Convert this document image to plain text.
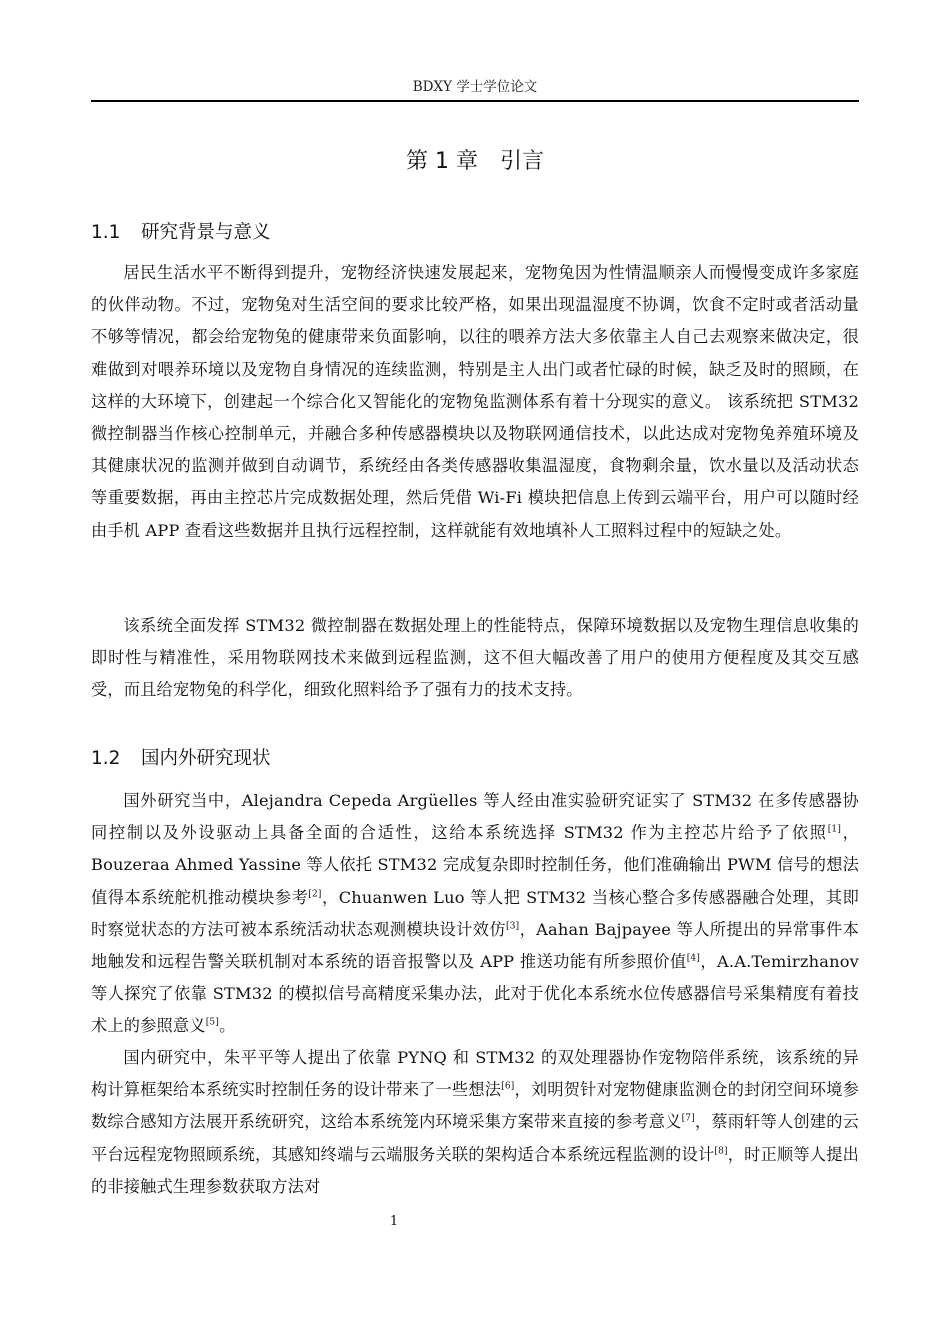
BDXY 学士学位论文
第 1 章 引言
1.1 研究背景与意义

居民生活水平不断得到提升，宠物经济快速发展起来，宠物兔因为性情温顺亲人而慢慢变成许多家庭的伙伴动物。不过，宠物兔对生活空间的要求比较严格，如果出现温湿度不协调，饮食不定时或者活动量不够等情况，都会给宠物兔的健康带来负面影响，以往的喂养方法大多依靠主人自己去观察来做决定，很难做到对喂养环境以及宠物自身情况的连续监测，特别是主人出门或者忙碌的时候，缺乏及时的照顾，在这样的大环境下，创建起一个综合化又智能化的宠物兔监测体系有着十分现实的意义。 该系统把 STM32 微控制器当作核心控制单元，并融合多种传感器模块以及物联网通信技术，以此达成对宠物兔养殖环境及其健康状况的监测并做到自动调节，系统经由各类传感器收集温湿度，食物剩余量，饮水量以及活动状态等重要数据，再由主控芯片完成数据处理，然后凭借 Wi-Fi 模块把信息上传到云端平台，用户可以随时经由手机 APP 查看这些数据并且执行远程控制，这样就能有效地填补人工照料过程中的短缺之处。

该系统全面发挥 STM32 微控制器在数据处理上的性能特点，保障环境数据以及宠物生理信息收集的即时性与精准性，采用物联网技术来做到远程监测，这不但大幅改善了用户的使用方便程度及其交互感受，而且给宠物兔的科学化，细致化照料给予了强有力的技术支持。

1.2 国内外研究现状

国外研究当中，Alejandra Cepeda Argüelles 等人经由准实验研究证实了 STM32 在多传感器协同控制以及外设驱动上具备全面的合适性，这给本系统选择 STM32 作为主控芯片给予了依照[1]，Bouzeraa Ahmed Yassine 等人依托 STM32 完成复杂即时控制任务，他们准确输出 PWM 信号的想法值得本系统舵机推动模块参考[2]，Chuanwen Luo 等人把 STM32 当核心整合多传感器融合处理，其即时察觉状态的方法可被本系统活动状态观测模块设计效仿[3]，Aahan Bajpayee 等人所提出的异常事件本地触发和远程告警关联机制对本系统的语音报警以及 APP 推送功能有所参照价值[4]，A.A.Temirzhanov 等人探究了依靠 STM32 的模拟信号高精度采集办法，此对于优化本系统水位传感器信号采集精度有着技术上的参照意义[5]。

国内研究中，朱平平等人提出了依靠 PYNQ 和 STM32 的双处理器协作宠物陪伴系统，该系统的异构计算框架给本系统实时控制任务的设计带来了一些想法[6]，刘明贺针对宠物健康监测仓的封闭空间环境参数综合感知方法展开系统研究，这给本系统笼内环境采集方案带来直接的参考意义[7]，蔡雨轩等人创建的云平台远程宠物照顾系统，其感知终端与云端服务关联的架构适合本系统远程监测的设计[8]，时正顺等人提出的非接触式生理参数获取方法对

1
